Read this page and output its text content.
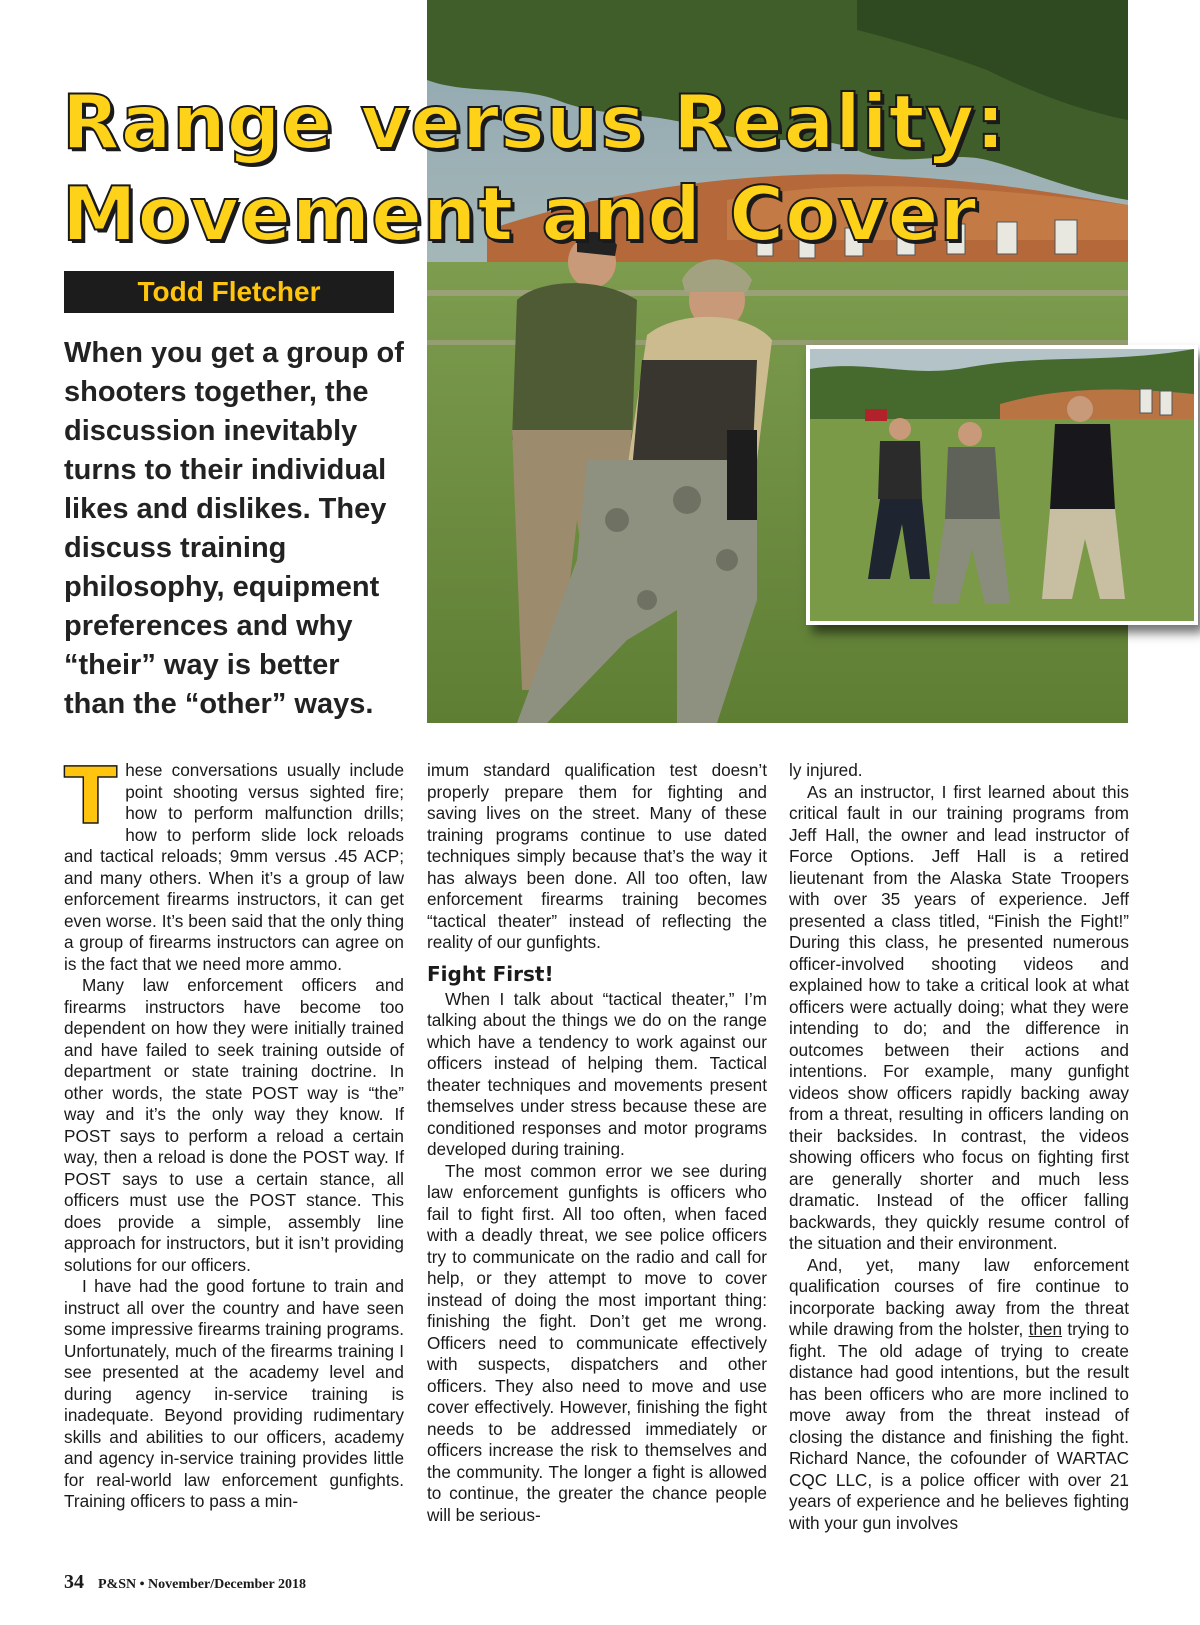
Range versus Reality:
Movement and Cover
Todd Fletcher
When you get a group of shooters together, the discussion inevitably turns to their individual likes and dislikes. They discuss training philosophy, equipment preferences and why “their” way is better than the “other” ways.

These conversations usually include point shooting versus sighted fire; how to perform malfunction drills; how to perform slide lock reloads and tactical reloads; 9mm versus .45 ACP; and many others. When it’s a group of law enforcement firearms instructors, it can get even worse. It’s been said that the only thing a group of firearms instructors can agree on is the fact that we need more ammo.

Many law enforcement officers and firearms instructors have become too dependent on how they were initially trained and have failed to seek training outside of department or state training doctrine. In other words, the state POST way is “the” way and it’s the only way they know. If POST says to perform a reload a certain way, then a reload is done the POST way. If POST says to use a certain stance, all officers must use the POST stance. This does provide a simple, assembly line approach for instructors, but it isn’t providing solutions for our officers.

I have had the good fortune to train and instruct all over the country and have seen some impressive firearms training programs. Unfortunately, much of the firearms training I see presented at the academy level and during agency in-service training is inadequate. Beyond providing rudimentary skills and abilities to our officers, academy and agency in-service training provides little for real-world law enforcement gunfights. Training officers to pass a min-

imum standard qualification test doesn’t properly prepare them for fighting and saving lives on the street. Many of these training programs continue to use dated techniques simply because that’s the way it has always been done. All too often, law enforcement firearms training becomes “tactical theater” instead of reflecting the reality of our gunfights.

Fight First!

When I talk about “tactical theater,” I’m talking about the things we do on the range which have a tendency to work against our officers instead of helping them. Tactical theater techniques and movements present themselves under stress because these are conditioned responses and motor programs developed during training.

The most common error we see during law enforcement gunfights is officers who fail to fight first. All too often, when faced with a deadly threat, we see police officers try to communicate on the radio and call for help, or they attempt to move to cover instead of doing the most important thing: finishing the fight. Don’t get me wrong. Officers need to communicate effectively with suspects, dispatchers and other officers. They also need to move and use cover effectively. However, finishing the fight needs to be addressed immediately or officers increase the risk to themselves and the community. The longer a fight is allowed to continue, the greater the chance people will be serious-

ly injured.

As an instructor, I first learned about this critical fault in our training programs from Jeff Hall, the owner and lead instructor of Force Options. Jeff Hall is a retired lieutenant from the Alaska State Troopers with over 35 years of experience. Jeff presented a class titled, “Finish the Fight!” During this class, he presented numerous officer-involved shooting videos and explained how to take a critical look at what officers were actually doing; what they were intending to do; and the difference in outcomes between their actions and intentions. For example, many gunfight videos show officers rapidly backing away from a threat, resulting in officers landing on their backsides. In contrast, the videos showing officers who focus on fighting first are generally shorter and much less dramatic. Instead of the officer falling backwards, they quickly resume control of the situation and their environment.

And, yet, many law enforcement qualification courses of fire continue to incorporate backing away from the threat while drawing from the holster, then trying to fight. The old adage of trying to create distance had good intentions, but the result has been officers who are more inclined to move away from the threat instead of closing the distance and finishing the fight. Richard Nance, the cofounder of WARTAC CQC LLC, is a police officer with over 21 years of experience and he believes fighting with your gun involves

34 P&SN • November/December 2018
